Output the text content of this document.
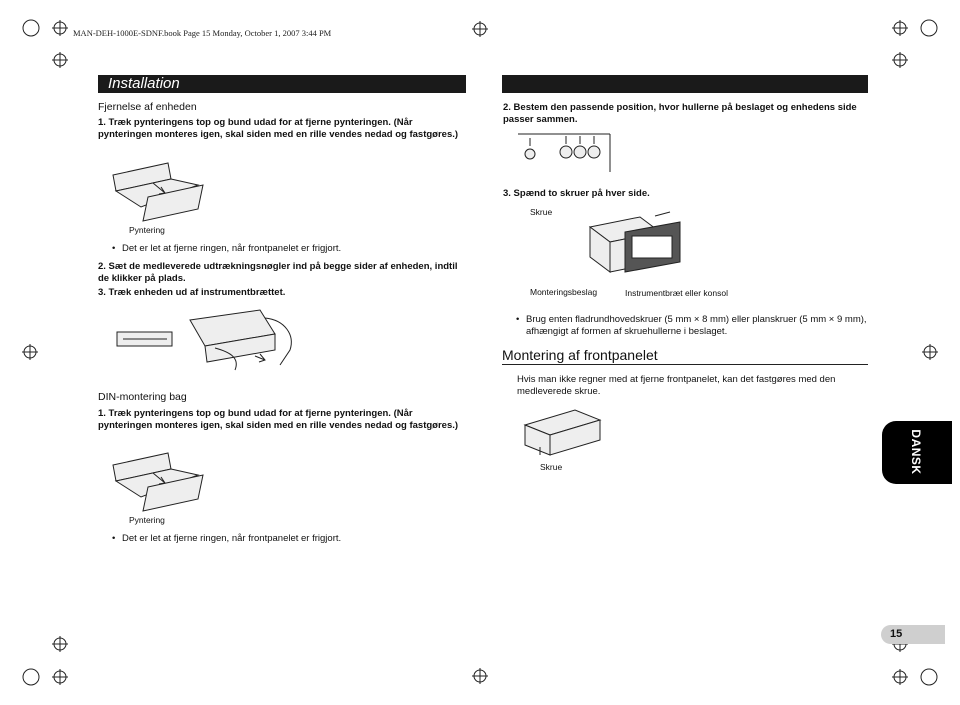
MAN-DEH-1000E-SDNF.book Page 15 Monday, October 1, 2007 3:44 PM
Installation
Fjernelse af enheden
1. Træk pynteringens top og bund udad for at fjerne pynteringen. (Når pynteringen monteres igen, skal siden med en rille vendes nedad og fastgøres.)
Pyntering
• Det er let at fjerne ringen, når frontpanelet er frigjort.
2. Sæt de medleverede udtrækningsnøgler ind på begge sider af enheden, indtil de klikker på plads.
3. Træk enheden ud af instrumentbrættet.
DIN-montering bag
1. Træk pynteringens top og bund udad for at fjerne pynteringen. (Når pynteringen monteres igen, skal siden med en rille vendes nedad og fastgøres.)
Pyntering
• Det er let at fjerne ringen, når frontpanelet er frigjort.
2. Bestem den passende position, hvor hullerne på beslaget og enhedens side passer sammen.
3. Spænd to skruer på hver side.
Skrue
Monteringsbeslag	Instrumentbræt eller konsol
• Brug enten fladrundhovedskruer (5 mm × 8 mm) eller planskruer (5 mm × 9 mm), afhængigt af formen af skruehullerne i beslaget.
Montering af frontpanelet
Hvis man ikke regner med at fjerne frontpanelet, kan det fastgøres med den medleverede skrue.
Skrue	DANSK
15
